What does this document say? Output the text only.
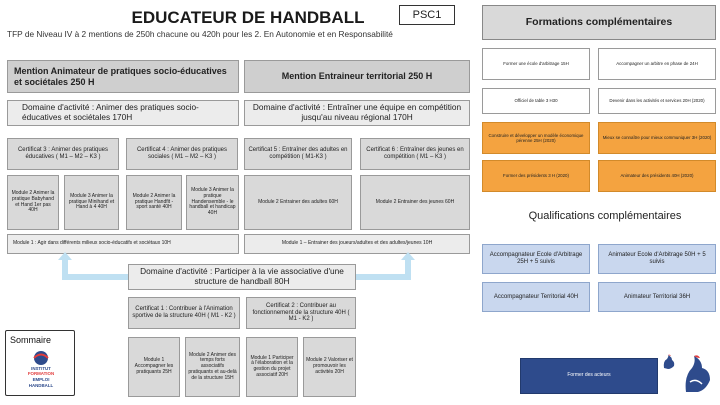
EDUCATEUR DE HANDBALL	PSC1
TFP de Niveau IV à 2 mentions de 250h chacune ou 420h pour les 2. En Autonomie et en Responsabilité
Mention Animateur de pratiques socio-éducatives et sociétales 250 H
Mention Entraineur territorial 250 H
Domaine d'activité : Animer des pratiques socio-éducatives et sociétales 170H
Domaine d'activité : Entraîner une équipe en compétition jusqu'au niveau régional 170H
Certificat 3 : Animer des pratiques éducatives ( M1 – M2 – K3 )
Certificat 4 : Animer des pratiques sociales ( M1 – M2 – K3 )
Certificat 5 : Entraîner des adultes en compétition ( M1-K3 )
Certificat 6 : Entraîner des jeunes en compétition ( M1 – K3 )
Module 2 Animer la pratique Babyhand et Hand 1er pas 40H
Module 3 Animer la pratique Minihand et Hand à 4 40H
Module 2 Animer la pratique Handfit - sport santé 40H
Module 3 Animer la pratique Handensemble - le handball et handicap 40H
Module 2 Entrainer des adultes 60H	Module 2 Entrainer des jeunes 60H
Module 1 : Agir dans différents milieux socio-éducatifs et sociétaux 10H	Module 1 – Entrainer des joueurs/adultes et des adultes/jeunes 10H
Domaine d'activité : Participer à la vie associative d'une structure de handball 80H
Certificat 1 : Contribuer à l'Animation sportive de la structure 40H ( M1 - K2 )
Certificat 2 : Contribuer au fonctionnement de la structure 40H ( M1 - K2 )
Module 1 Accompagner les pratiquants 25H
Module 2 Animer des temps forts associatifs pratiquants et au-delà de la structure 15H
Module 1 Participer à l'élaboration et la gestion du projet associatif 20H
Module 2 Valoriser et promouvoir les activités 20H
Sommaire
INSTITUT
FORMATION
EMPLOI
HANDBALL
Formations complémentaires
Former une école d'arbitrage 15H	Accompagner un arbitre en phase de 24H
Officiel de table 3 H30	Devenir dans les activités et services 20H (2020)
Construire et développer un modèle économique pérenne 25H (2020)
Mieux se connaître pour mieux communiquer 3H (2020)
Former des présidents 3 H (2020)	Animateur des présidents 40H (2020)
Qualifications complémentaires
Accompagnateur Ecole d'Arbitrage 25H + 5 suivis
Animateur Ecole d'Arbitrage 50H + 5 suivis
Accompagnateur Territorial 40H	Animateur Territorial 36H
Former des acteurs
